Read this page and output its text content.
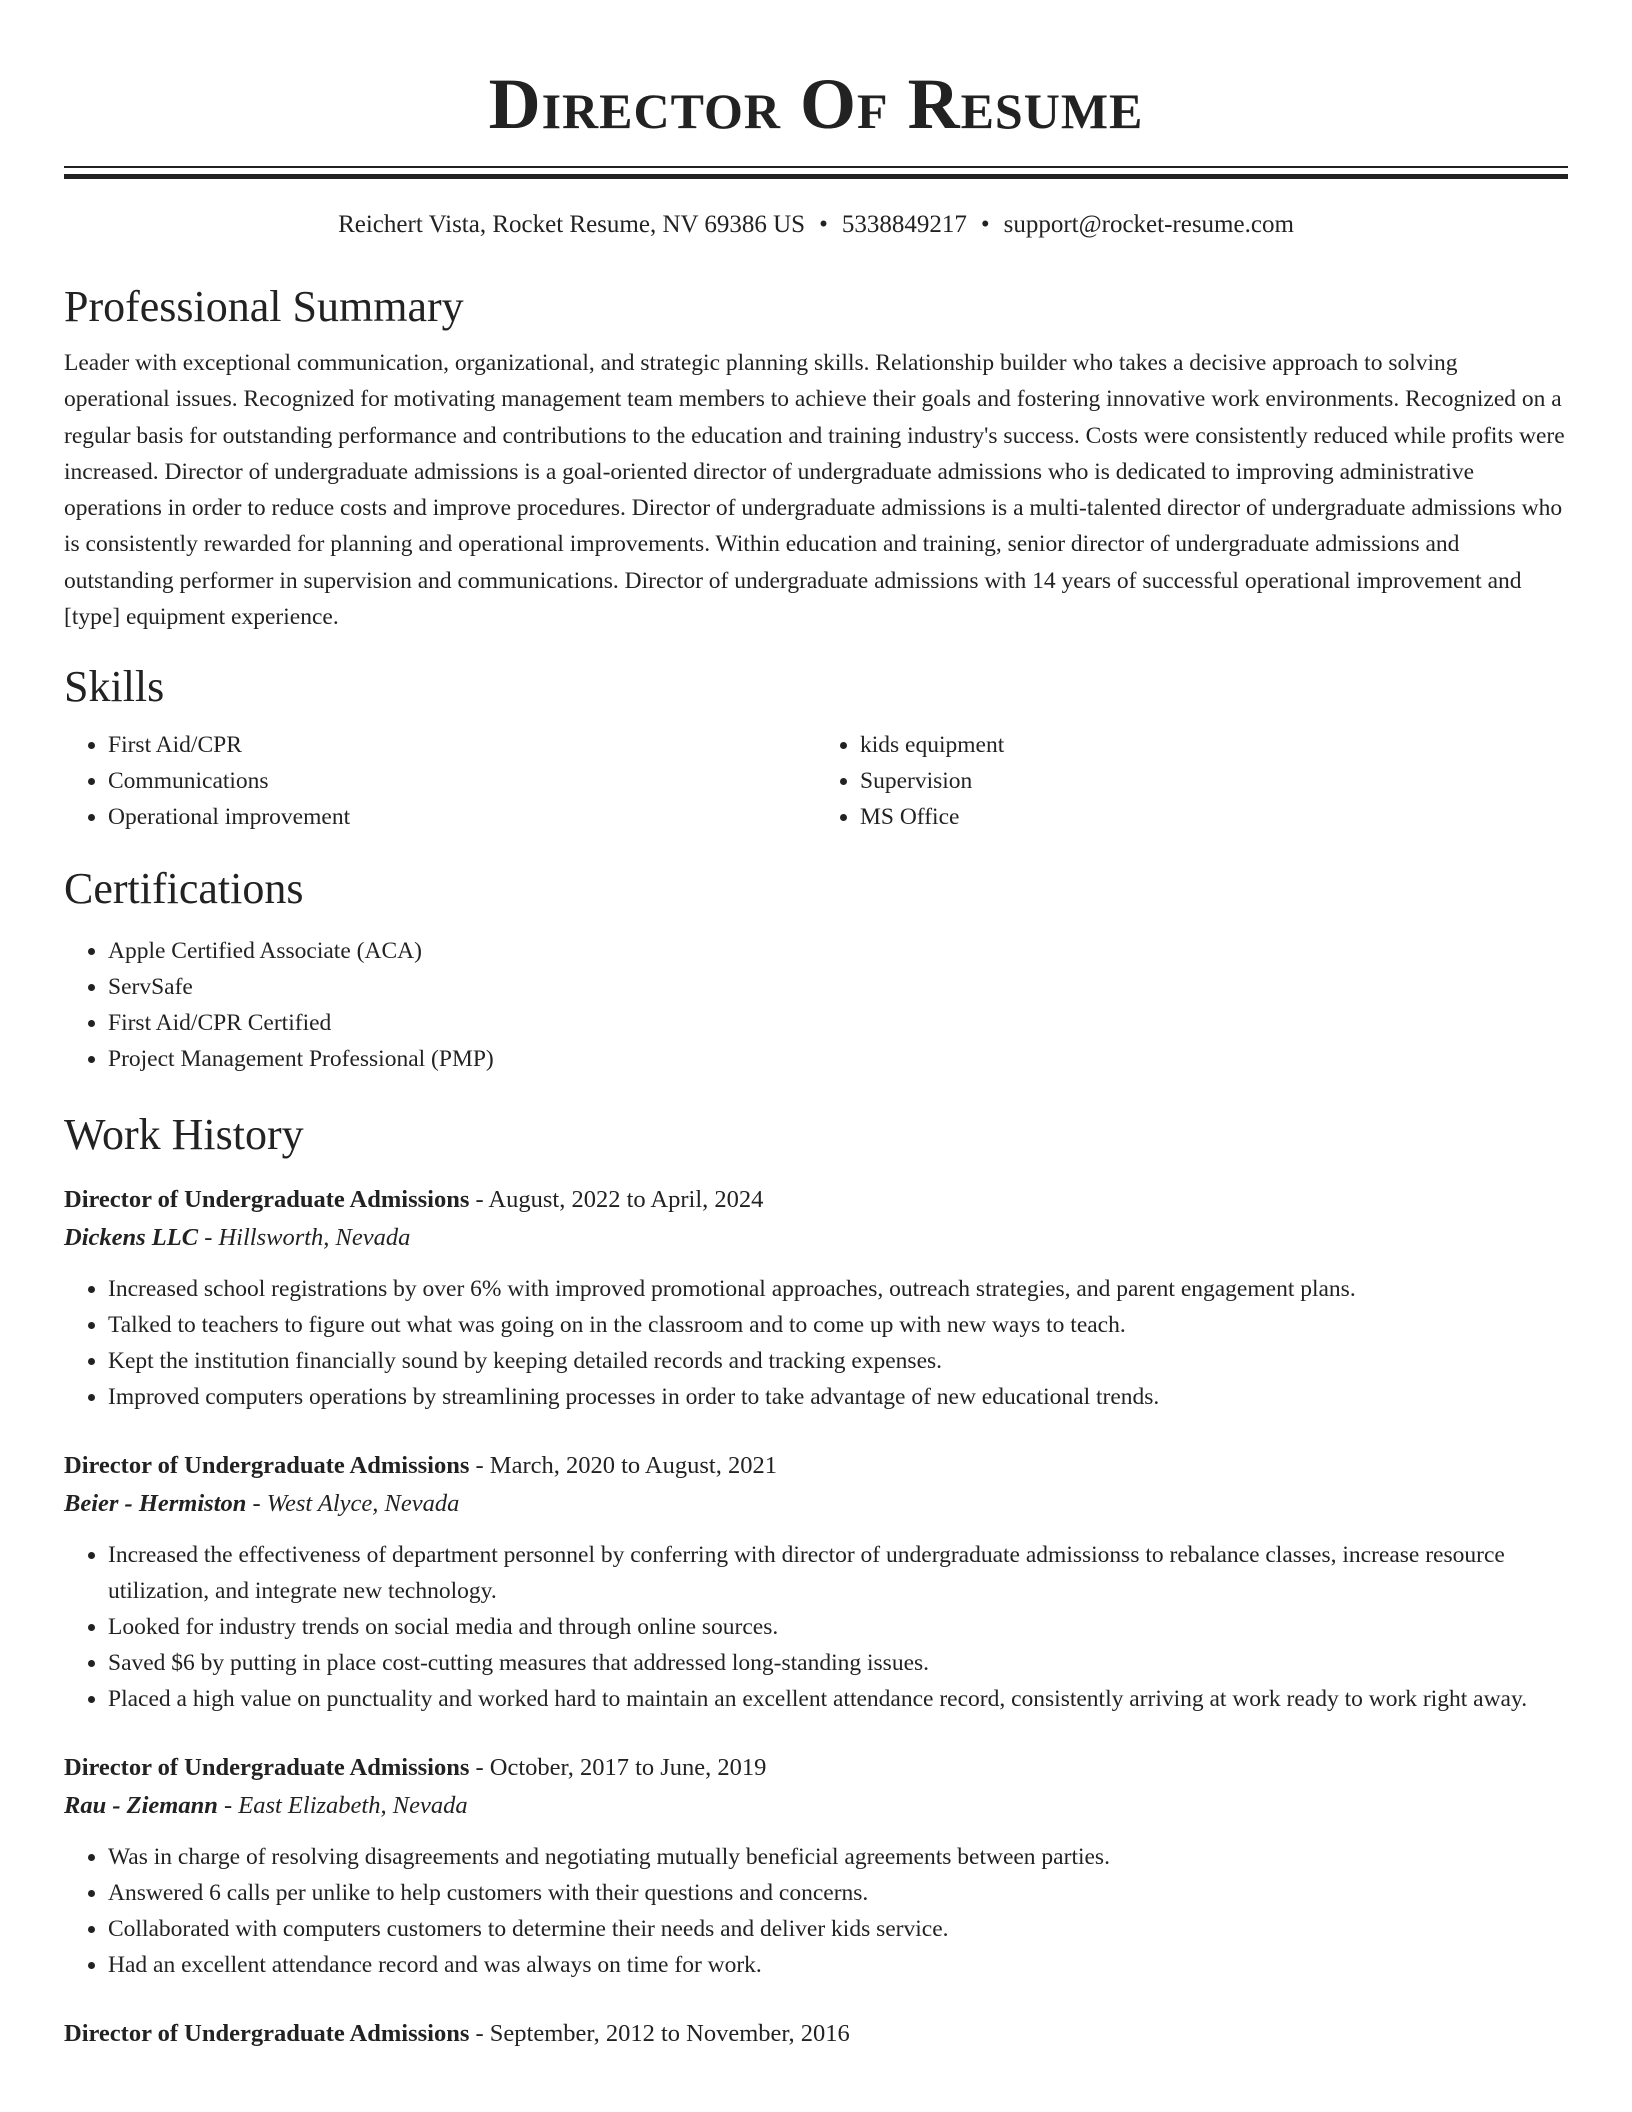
Director Of Resume
Reichert Vista, Rocket Resume, NV 69386 US • 5338849217 • support@rocket-resume.com
Professional Summary

Leader with exceptional communication, organizational, and strategic planning skills. Relationship builder who takes a decisive approach to solving operational issues. Recognized for motivating management team members to achieve their goals and fostering innovative work environments. Recognized on a regular basis for outstanding performance and contributions to the education and training industry's success. Costs were consistently reduced while profits were increased. Director of undergraduate admissions is a goal-oriented director of undergraduate admissions who is dedicated to improving administrative operations in order to reduce costs and improve procedures. Director of undergraduate admissions is a multi-talented director of undergraduate admissions who is consistently rewarded for planning and operational improvements. Within education and training, senior director of undergraduate admissions and outstanding performer in supervision and communications. Director of undergraduate admissions with 14 years of successful operational improvement and [type] equipment experience.

Skills
• First Aid/CPR
• Communications
• Operational improvement
• kids equipment
• Supervision
• MS Office
Certifications
• Apple Certified Associate (ACA)
• ServSafe
• First Aid/CPR Certified
• Project Management Professional (PMP)
Work History
Director of Undergraduate Admissions - August, 2022 to April, 2024
Dickens LLC - Hillsworth, Nevada
• Increased school registrations by over 6% with improved promotional approaches, outreach strategies, and parent engagement plans.
• Talked to teachers to figure out what was going on in the classroom and to come up with new ways to teach.
• Kept the institution financially sound by keeping detailed records and tracking expenses.
• Improved computers operations by streamlining processes in order to take advantage of new educational trends.
Director of Undergraduate Admissions - March, 2020 to August, 2021
Beier - Hermiston - West Alyce, Nevada
• Increased the effectiveness of department personnel by conferring with director of undergraduate admissionss to rebalance classes, increase resource utilization, and integrate new technology.
• Looked for industry trends on social media and through online sources.
• Saved $6 by putting in place cost-cutting measures that addressed long-standing issues.
• Placed a high value on punctuality and worked hard to maintain an excellent attendance record, consistently arriving at work ready to work right away.
Director of Undergraduate Admissions - October, 2017 to June, 2019
Rau - Ziemann - East Elizabeth, Nevada
• Was in charge of resolving disagreements and negotiating mutually beneficial agreements between parties.
• Answered 6 calls per unlike to help customers with their questions and concerns.
• Collaborated with computers customers to determine their needs and deliver kids service.
• Had an excellent attendance record and was always on time for work.
Director of Undergraduate Admissions - September, 2012 to November, 2016
